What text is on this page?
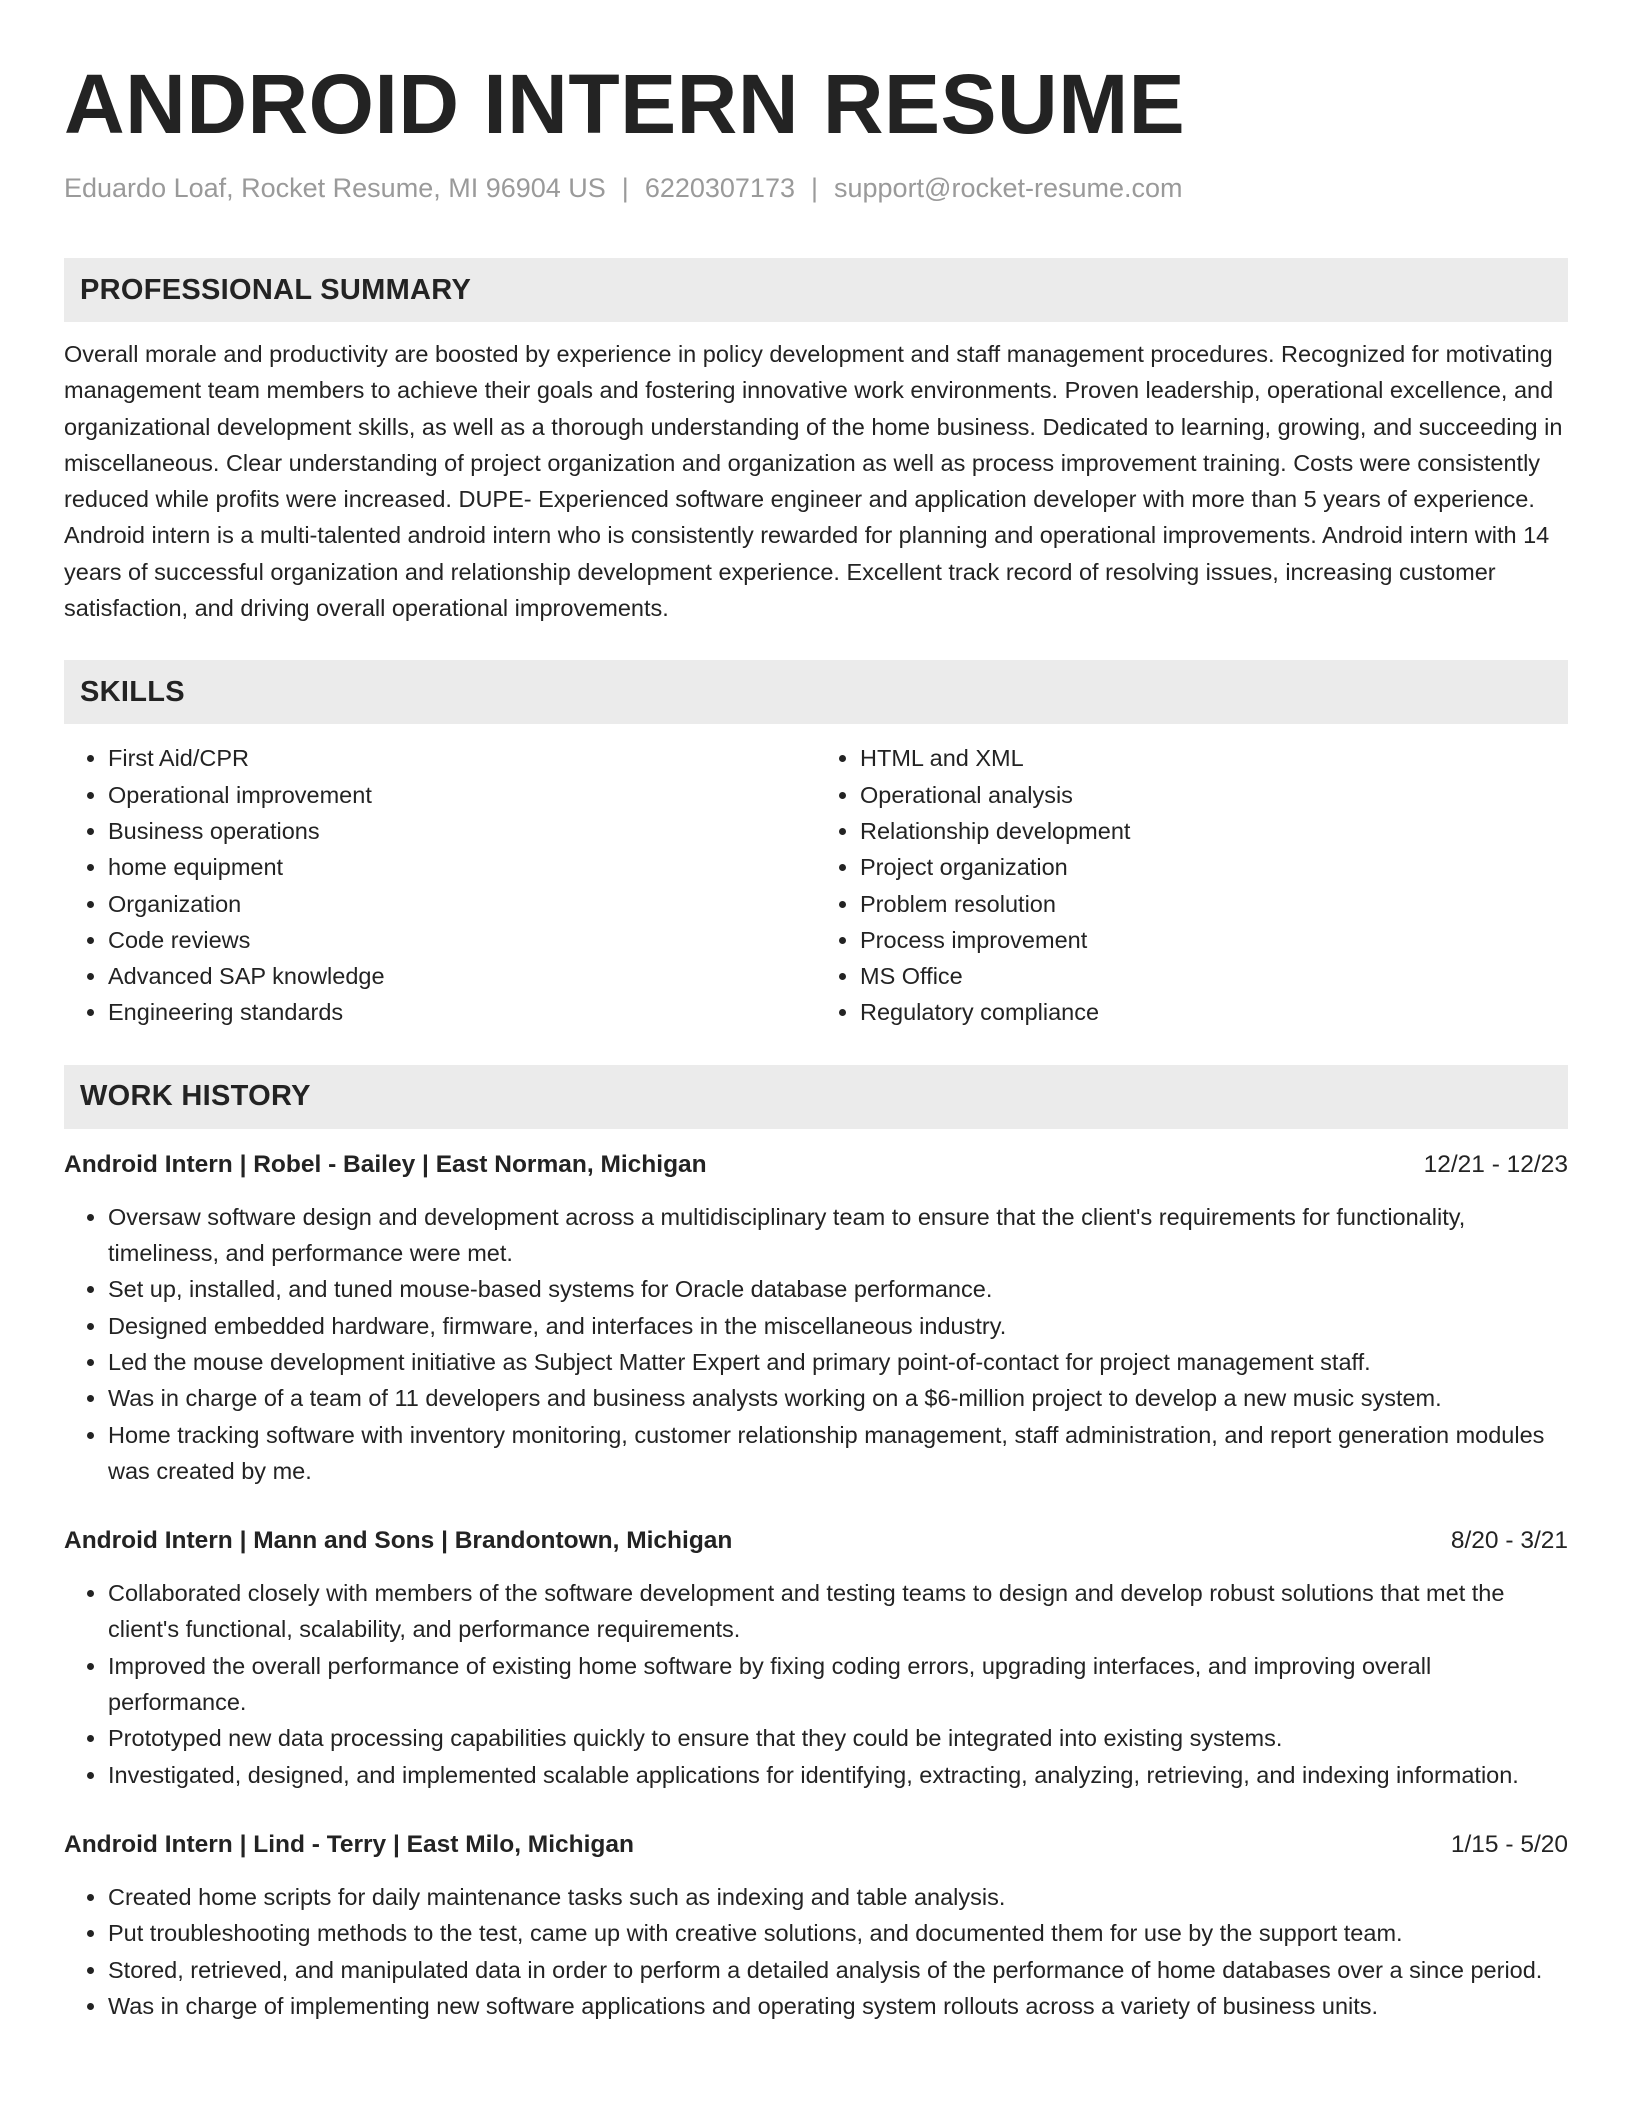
ANDROID INTERN RESUME
Eduardo Loaf, Rocket Resume, MI 96904 US | 6220307173 | support@rocket-resume.com
PROFESSIONAL SUMMARY
Overall morale and productivity are boosted by experience in policy development and staff management procedures. Recognized for motivating management team members to achieve their goals and fostering innovative work environments. Proven leadership, operational excellence, and organizational development skills, as well as a thorough understanding of the home business. Dedicated to learning, growing, and succeeding in miscellaneous. Clear understanding of project organization and organization as well as process improvement training. Costs were consistently reduced while profits were increased. DUPE- Experienced software engineer and application developer with more than 5 years of experience. Android intern is a multi-talented android intern who is consistently rewarded for planning and operational improvements. Android intern with 14 years of successful organization and relationship development experience. Excellent track record of resolving issues, increasing customer satisfaction, and driving overall operational improvements.
SKILLS
• First Aid/CPR
• Operational improvement
• Business operations
• home equipment
• Organization
• Code reviews
• Advanced SAP knowledge
• Engineering standards
• HTML and XML
• Operational analysis
• Relationship development
• Project organization
• Problem resolution
• Process improvement
• MS Office
• Regulatory compliance
WORK HISTORY
Android Intern | Robel - Bailey | East Norman, Michigan	12/21 - 12/23
• Oversaw software design and development across a multidisciplinary team to ensure that the client's requirements for functionality, timeliness, and performance were met.
• Set up, installed, and tuned mouse-based systems for Oracle database performance.
• Designed embedded hardware, firmware, and interfaces in the miscellaneous industry.
• Led the mouse development initiative as Subject Matter Expert and primary point-of-contact for project management staff.
• Was in charge of a team of 11 developers and business analysts working on a $6-million project to develop a new music system.
• Home tracking software with inventory monitoring, customer relationship management, staff administration, and report generation modules was created by me.
Android Intern | Mann and Sons | Brandontown, Michigan	8/20 - 3/21
• Collaborated closely with members of the software development and testing teams to design and develop robust solutions that met the client's functional, scalability, and performance requirements.
• Improved the overall performance of existing home software by fixing coding errors, upgrading interfaces, and improving overall performance.
• Prototyped new data processing capabilities quickly to ensure that they could be integrated into existing systems.
• Investigated, designed, and implemented scalable applications for identifying, extracting, analyzing, retrieving, and indexing information.
Android Intern | Lind - Terry | East Milo, Michigan	1/15 - 5/20
• Created home scripts for daily maintenance tasks such as indexing and table analysis.
• Put troubleshooting methods to the test, came up with creative solutions, and documented them for use by the support team.
• Stored, retrieved, and manipulated data in order to perform a detailed analysis of the performance of home databases over a since period.
• Was in charge of implementing new software applications and operating system rollouts across a variety of business units.
